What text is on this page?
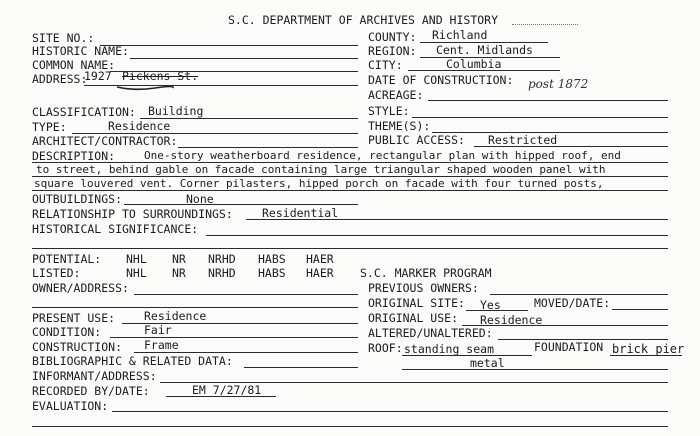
S.C. DEPARTMENT OF ARCHIVES AND HISTORY
SITE NO.:
HISTORIC NAME:
COMMON NAME:
ADDRESS:
1927 Pickens St.
COUNTY: Richland
REGION: Cent. Midlands
CITY:	Columbia
DATE OF CONSTRUCTION: post 1872
ACREAGE:
CLASSIFICATION: Building
TYPE:	Residence
ARCHITECT/CONTRACTOR:
STYLE:
THEME(S):
PUBLIC ACCESS: Restricted
DESCRIPTION:	One-story weatherboard residence, rectangular plan with hipped roof, end
to street, behind gable on facade containing large triangular shaped wooden panel with
square louvered vent. Corner pilasters, hipped porch on facade with four turned posts,
OUTBUILDINGS:	None
RELATIONSHIP TO SURROUNDINGS:	Residential
HISTORICAL SIGNIFICANCE:
POTENTIAL: NHL NR NRHD HABS HAER
LISTED:	NHL NR NRHD HABS HAER
OWNER/ADDRESS:
S.C. MARKER PROGRAM
PREVIOUS OWNERS:
ORIGINAL SITE: Yes	MOVED/DATE:
ORIGINAL USE: Residence
ALTERED/UNALTERED:
ROOF: standing seam	FOUNDATION brick pier
metal
PRESENT USE:	Residence
CONDITION:	Fair
CONSTRUCTION: Frame
BIBLIOGRAPHIC & RELATED DATA:
INFORMANT/ADDRESS:
RECORDED BY/DATE:	EM 7/27/81
EVALUATION:
